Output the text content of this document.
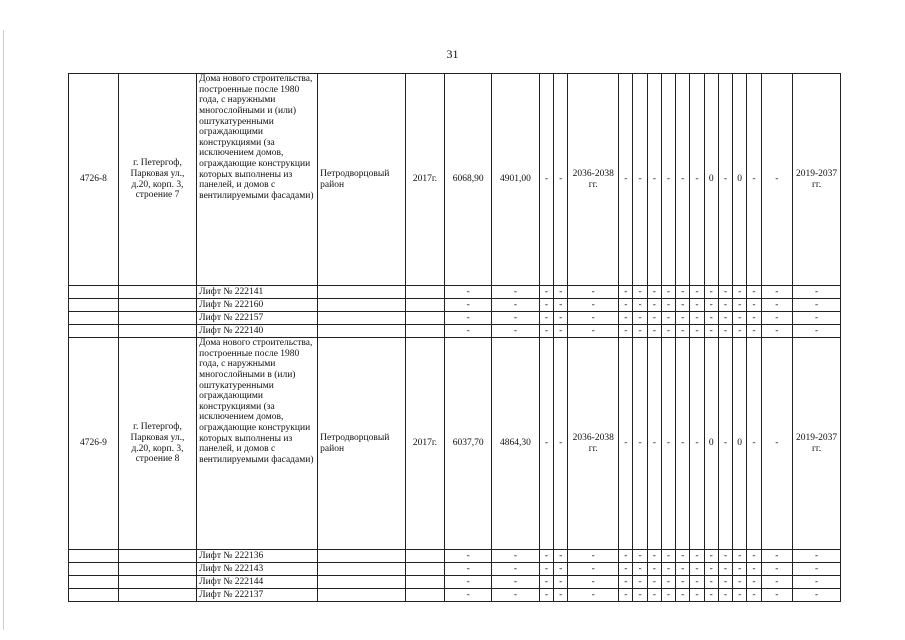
31
4726-8	г. Петергоф, Парковая ул., д.20, корп. 3, строение 7	Дома нового строительства, построенные после 1980 года, с наружными многослойными и (или) оштукатуренными ограждающими конструкциями (за исключением домов, ограждающие конструкции которых выполнены из панелей, и домов с вентилируемыми фасадами)	Петродворцовый район	2017г.	6068,90	4901,00	-	-	2036-2038 гг.	-	-	-	-	-	-	0	-	0	-	-	2019-2037 гг.
		Лифт № 222141			-	-	-	-	-	-	-	-	-	-	-	-	-	-	-	-	-
		Лифт № 222160			-	-	-	-	-	-	-	-	-	-	-	-	-	-	-	-	-
		Лифт № 222157			-	-	-	-	-	-	-	-	-	-	-	-	-	-	-	-	-
		Лифт № 222140			-	-	-	-	-	-	-	-	-	-	-	-	-	-	-	-	-
4726-9	г. Петергоф, Парковая ул., д.20, корп. 3, строение 8	Дома нового строительства, построенные после 1980 года, с наружными многослойными в (или) оштукатуренными ограждающими конструкциями (за исключением домов, ограждающие конструкции которых выполнены из панелей, и домов с вентилируемыми фасадами)	Петродворцовый район	2017г.	6037,70	4864,30	-	-	2036-2038 гг.	-	-	-	-	-	-	0	-	0	-	-	2019-2037 гг.
		Лифт № 222136			-	-	-	-	-	-	-	-	-	-	-	-	-	-	-	-	-
		Лифт № 222143			-	-	-	-	-	-	-	-	-	-	-	-	-	-	-	-	-
		Лифт № 222144			-	-	-	-	-	-	-	-	-	-	-	-	-	-	-	-	-
		Лифт № 222137			-	-	-	-	-	-	-	-	-	-	-	-	-	-	-	-	-
